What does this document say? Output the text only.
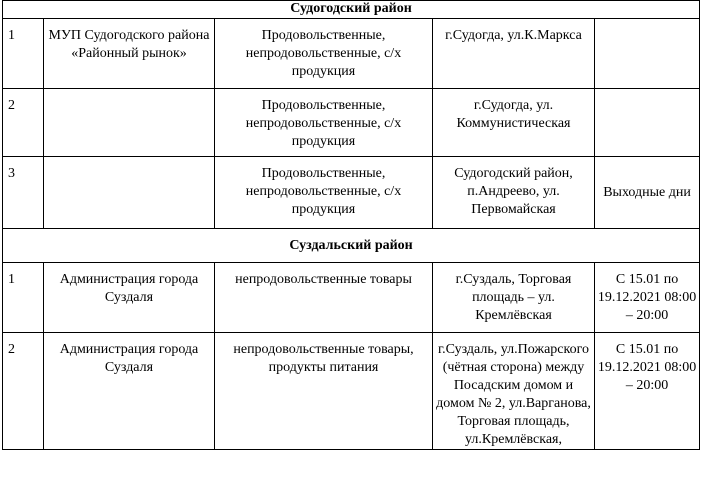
Судогодский район				
1	МУП Судогодского района «Районный рынок»	Продовольственные, непродовольственные, с/х продукция	г.Судогда, ул.К.Маркса	
2		Продовольственные, непродовольственные, с/х продукция	г.Судогда, ул. Коммунистическая	
3		Продовольственные, непродовольственные, с/х продукция	Судогодский район, п.Андреево, ул. Первомайская	Выходные дни
Суздальский район				
1	Администрация города Суздаля	непродовольственные товары	г.Суздаль, Торговая площадь – ул. Кремлёвская	С 15.01 по 19.12.2021 08:00 – 20:00
2	Администрация города Суздаля	непродовольственные товары, продукты питания	г.Суздаль, ул.Пожарского (чётная сторона) между Посадским домом и домом № 2, ул.Варганова, Торговая площадь, ул.Кремлёвская,	С 15.01 по 19.12.2021 08:00 – 20:00
